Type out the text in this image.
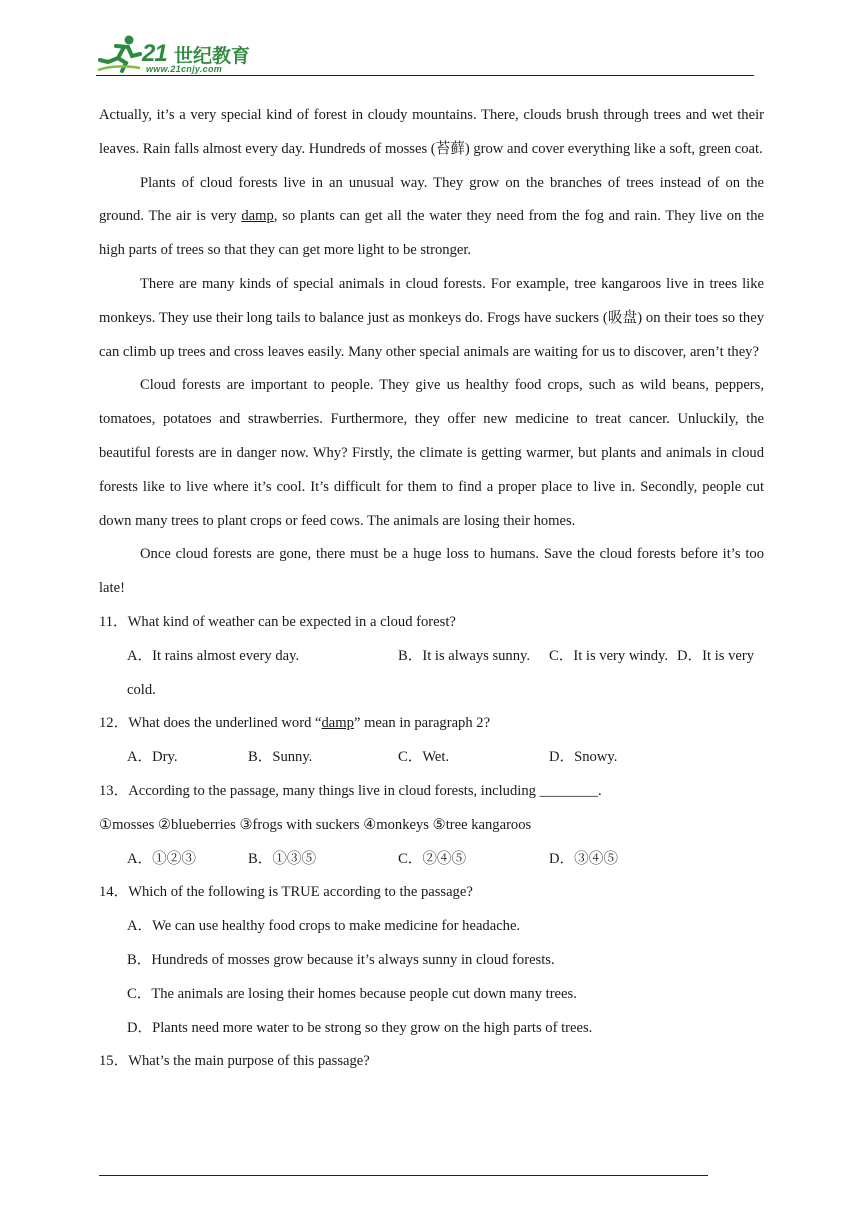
21 世纪教育
www.21cnjy.com

Actually, it’s a very special kind of forest in cloudy mountains. There, clouds brush through trees and wet their leaves. Rain falls almost every day. Hundreds of mosses (苔藓) grow and cover everything like a soft, green coat.

Plants of cloud forests live in an unusual way. They grow on the branches of trees instead of on the ground. The air is very damp, so plants can get all the water they need from the fog and rain. They live on the high parts of trees so that they can get more light to be stronger.

There are many kinds of special animals in cloud forests. For example, tree kangaroos live in trees like monkeys. They use their long tails to balance just as monkeys do. Frogs have suckers (吸盘) on their toes so they can climb up trees and cross leaves easily. Many other special animals are waiting for us to discover, aren’t they?

Cloud forests are important to people. They give us healthy food crops, such as wild beans, peppers, tomatoes, potatoes and strawberries. Furthermore, they offer new medicine to treat cancer. Unluckily, the beautiful forests are in danger now. Why? Firstly, the climate is getting warmer, but plants and animals in cloud forests like to live where it’s cool. It’s difficult for them to find a proper place to live in. Secondly, people cut down many trees to plant crops or feed cows. The animals are losing their homes.

Once cloud forests are gone, there must be a huge loss to humans. Save the cloud forests before it’s too late!

11．What kind of weather can be expected in a cloud forest?

A．It rains almost every day.	B．It is always sunny. C．It is very windy. D．It is very

cold.

12．What does the underlined word “damp” mean in paragraph 2?

A．Dry.	B．Sunny.	C．Wet.	D．Snowy.

13．According to the passage, many things live in cloud forests, including ________.

①mosses ②blueberries ③frogs with suckers ④monkeys ⑤tree kangaroos

A．①②③	B．①③⑤	C．②④⑤	D．③④⑤

14．Which of the following is TRUE according to the passage?

A．We can use healthy food crops to make medicine for headache.

B．Hundreds of mosses grow because it’s always sunny in cloud forests.

C．The animals are losing their homes because people cut down many trees.

D．Plants need more water to be strong so they grow on the high parts of trees.

15．What’s the main purpose of this passage?
